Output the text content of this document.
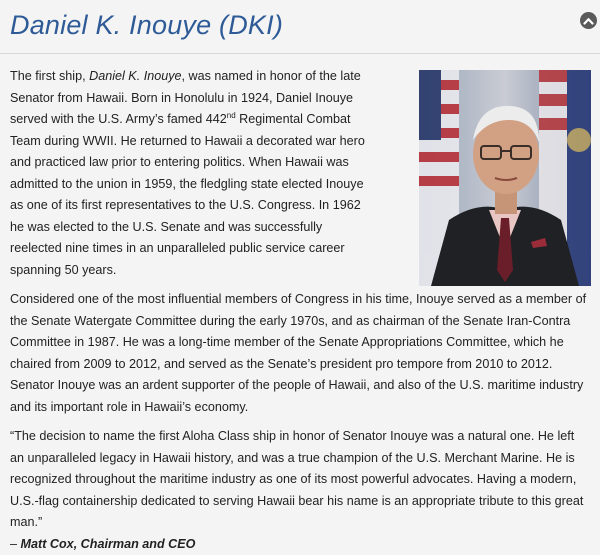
Daniel K. Inouye (DKI)

The first ship, Daniel K. Inouye, was named in honor of the late Senator from Hawaii. Born in Honolulu in 1924, Daniel Inouye served with the U.S. Army’s famed 442nd Regimental Combat Team during WWII. He returned to Hawaii a decorated war hero and practiced law prior to entering politics. When Hawaii was admitted to the union in 1959, the fledgling state elected Inouye as one of its first representatives to the U.S. Congress. In 1962 he was elected to the U.S. Senate and was successfully reelected nine times in an unparalleled public service career spanning 50 years.

Considered one of the most influential members of Congress in his time, Inouye served as a member of the Senate Watergate Committee during the early 1970s, and as chairman of the Senate Iran-Contra Committee in 1987. He was a long-time member of the Senate Appropriations Committee, which he chaired from 2009 to 2012, and served as the Senate’s president pro tempore from 2010 to 2012. Senator Inouye was an ardent supporter of the people of Hawaii, and also of the U.S. maritime industry and its important role in Hawaii’s economy.

“The decision to name the first Aloha Class ship in honor of Senator Inouye was a natural one. He left an unparalleled legacy in Hawaii history, and was a true champion of the U.S. Merchant Marine. He is recognized throughout the maritime industry as one of its most powerful advocates. Having a modern, U.S.-flag containership dedicated to serving Hawaii bear his name is an appropriate tribute to this great man.”
– Matt Cox, Chairman and CEO
